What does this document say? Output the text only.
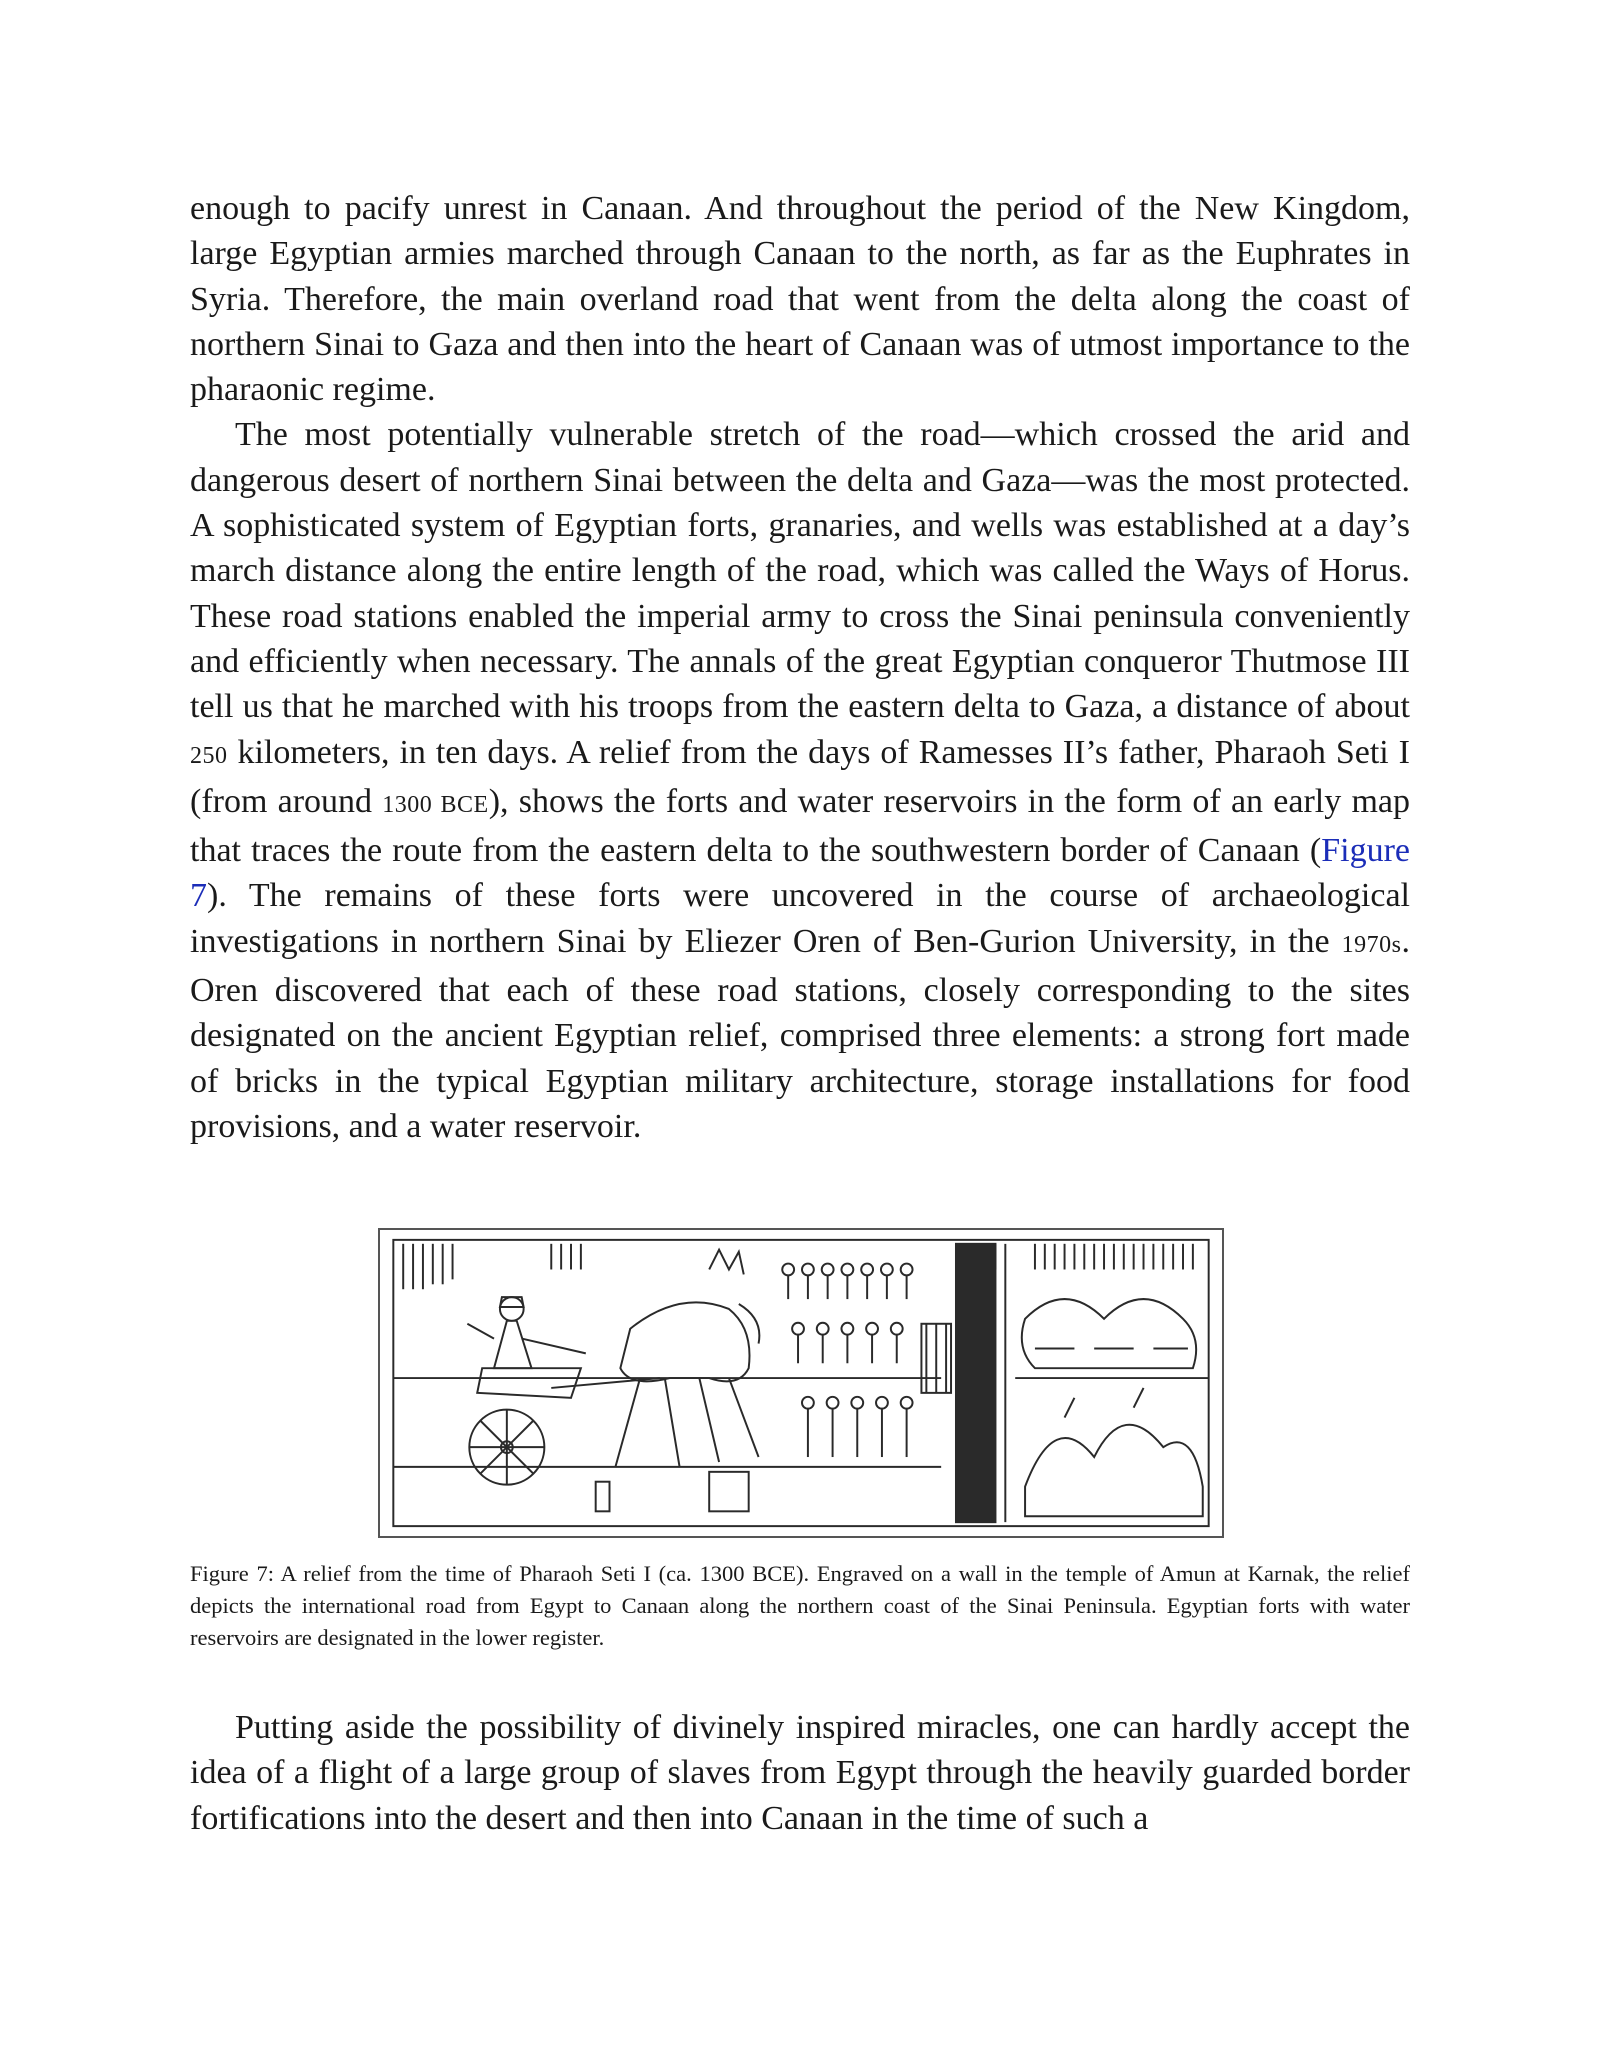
enough to pacify unrest in Canaan. And throughout the period of the New Kingdom, large Egyptian armies marched through Canaan to the north, as far as the Euphrates in Syria. Therefore, the main overland road that went from the delta along the coast of northern Sinai to Gaza and then into the heart of Canaan was of utmost importance to the pharaonic regime.

The most potentially vulnerable stretch of the road—which crossed the arid and dangerous desert of northern Sinai between the delta and Gaza—was the most protected. A sophisticated system of Egyptian forts, granaries, and wells was established at a day’s march distance along the entire length of the road, which was called the Ways of Horus. These road stations enabled the imperial army to cross the Sinai peninsula conveniently and efficiently when necessary. The annals of the great Egyptian conqueror Thutmose III tell us that he marched with his troops from the eastern delta to Gaza, a distance of about 250 kilometers, in ten days. A relief from the days of Ramesses II’s father, Pharaoh Seti I (from around 1300 BCE), shows the forts and water reservoirs in the form of an early map that traces the route from the eastern delta to the southwestern border of Canaan (Figure 7). The remains of these forts were uncovered in the course of archaeological investigations in northern Sinai by Eliezer Oren of Ben-Gurion University, in the 1970s. Oren discovered that each of these road stations, closely corresponding to the sites designated on the ancient Egyptian relief, comprised three elements: a strong fort made of bricks in the typical Egyptian military architecture, storage installations for food provisions, and a water reservoir.

Figure 7: A relief from the time of Pharaoh Seti I (ca. 1300 BCE). Engraved on a wall in the temple of Amun at Karnak, the relief depicts the international road from Egypt to Canaan along the northern coast of the Sinai Peninsula. Egyptian forts with water reservoirs are designated in the lower register.

Putting aside the possibility of divinely inspired miracles, one can hardly accept the idea of a flight of a large group of slaves from Egypt through the heavily guarded border fortifications into the desert and then into Canaan in the time of such a
